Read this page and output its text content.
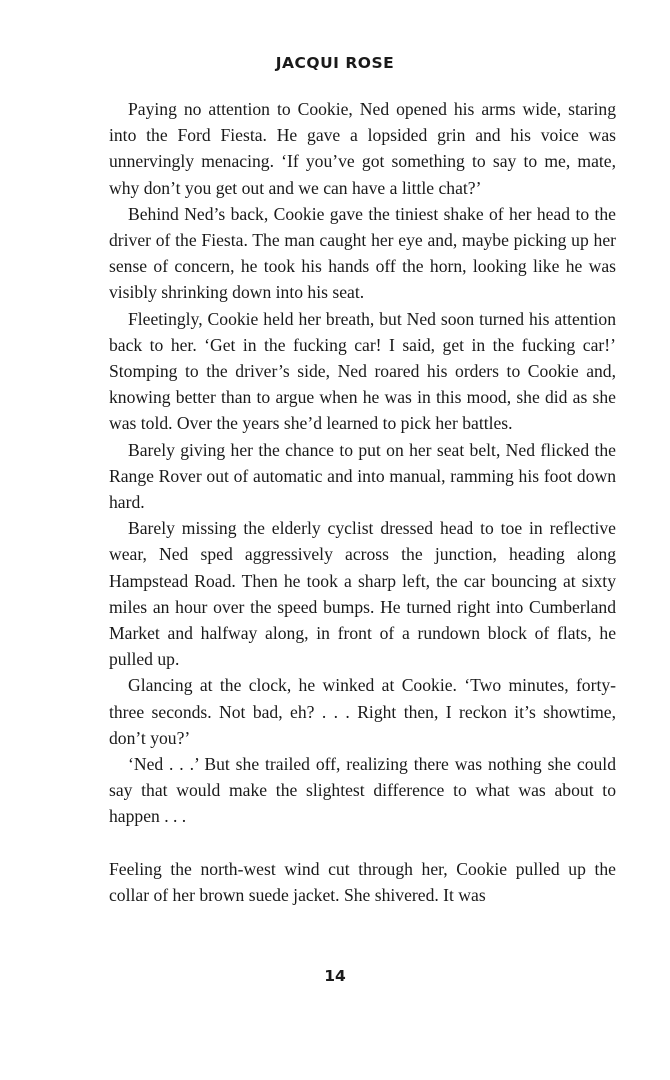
JACQUI ROSE

Paying no attention to Cookie, Ned opened his arms wide, staring into the Ford Fiesta. He gave a lopsided grin and his voice was unnervingly menacing. ‘If you’ve got something to say to me, mate, why don’t you get out and we can have a little chat?’

Behind Ned’s back, Cookie gave the tiniest shake of her head to the driver of the Fiesta. The man caught her eye and, maybe picking up her sense of concern, he took his hands off the horn, looking like he was visibly shrinking down into his seat.

Fleetingly, Cookie held her breath, but Ned soon turned his attention back to her. ‘Get in the fucking car! I said, get in the fucking car!’ Stomping to the driver’s side, Ned roared his orders to Cookie and, knowing better than to argue when he was in this mood, she did as she was told. Over the years she’d learned to pick her battles.

Barely giving her the chance to put on her seat belt, Ned flicked the Range Rover out of automatic and into manual, ramming his foot down hard.

Barely missing the elderly cyclist dressed head to toe in reflective wear, Ned sped aggressively across the junction, heading along Hampstead Road. Then he took a sharp left, the car bouncing at sixty miles an hour over the speed bumps. He turned right into Cumberland Market and halfway along, in front of a rundown block of flats, he pulled up.

Glancing at the clock, he winked at Cookie. ‘Two minutes, forty-three seconds. Not bad, eh? . . . Right then, I reckon it’s showtime, don’t you?’

‘Ned . . .’ But she trailed off, realizing there was nothing she could say that would make the slightest difference to what was about to happen . . .

Feeling the north-west wind cut through her, Cookie pulled up the collar of her brown suede jacket. She shivered. It was

14
